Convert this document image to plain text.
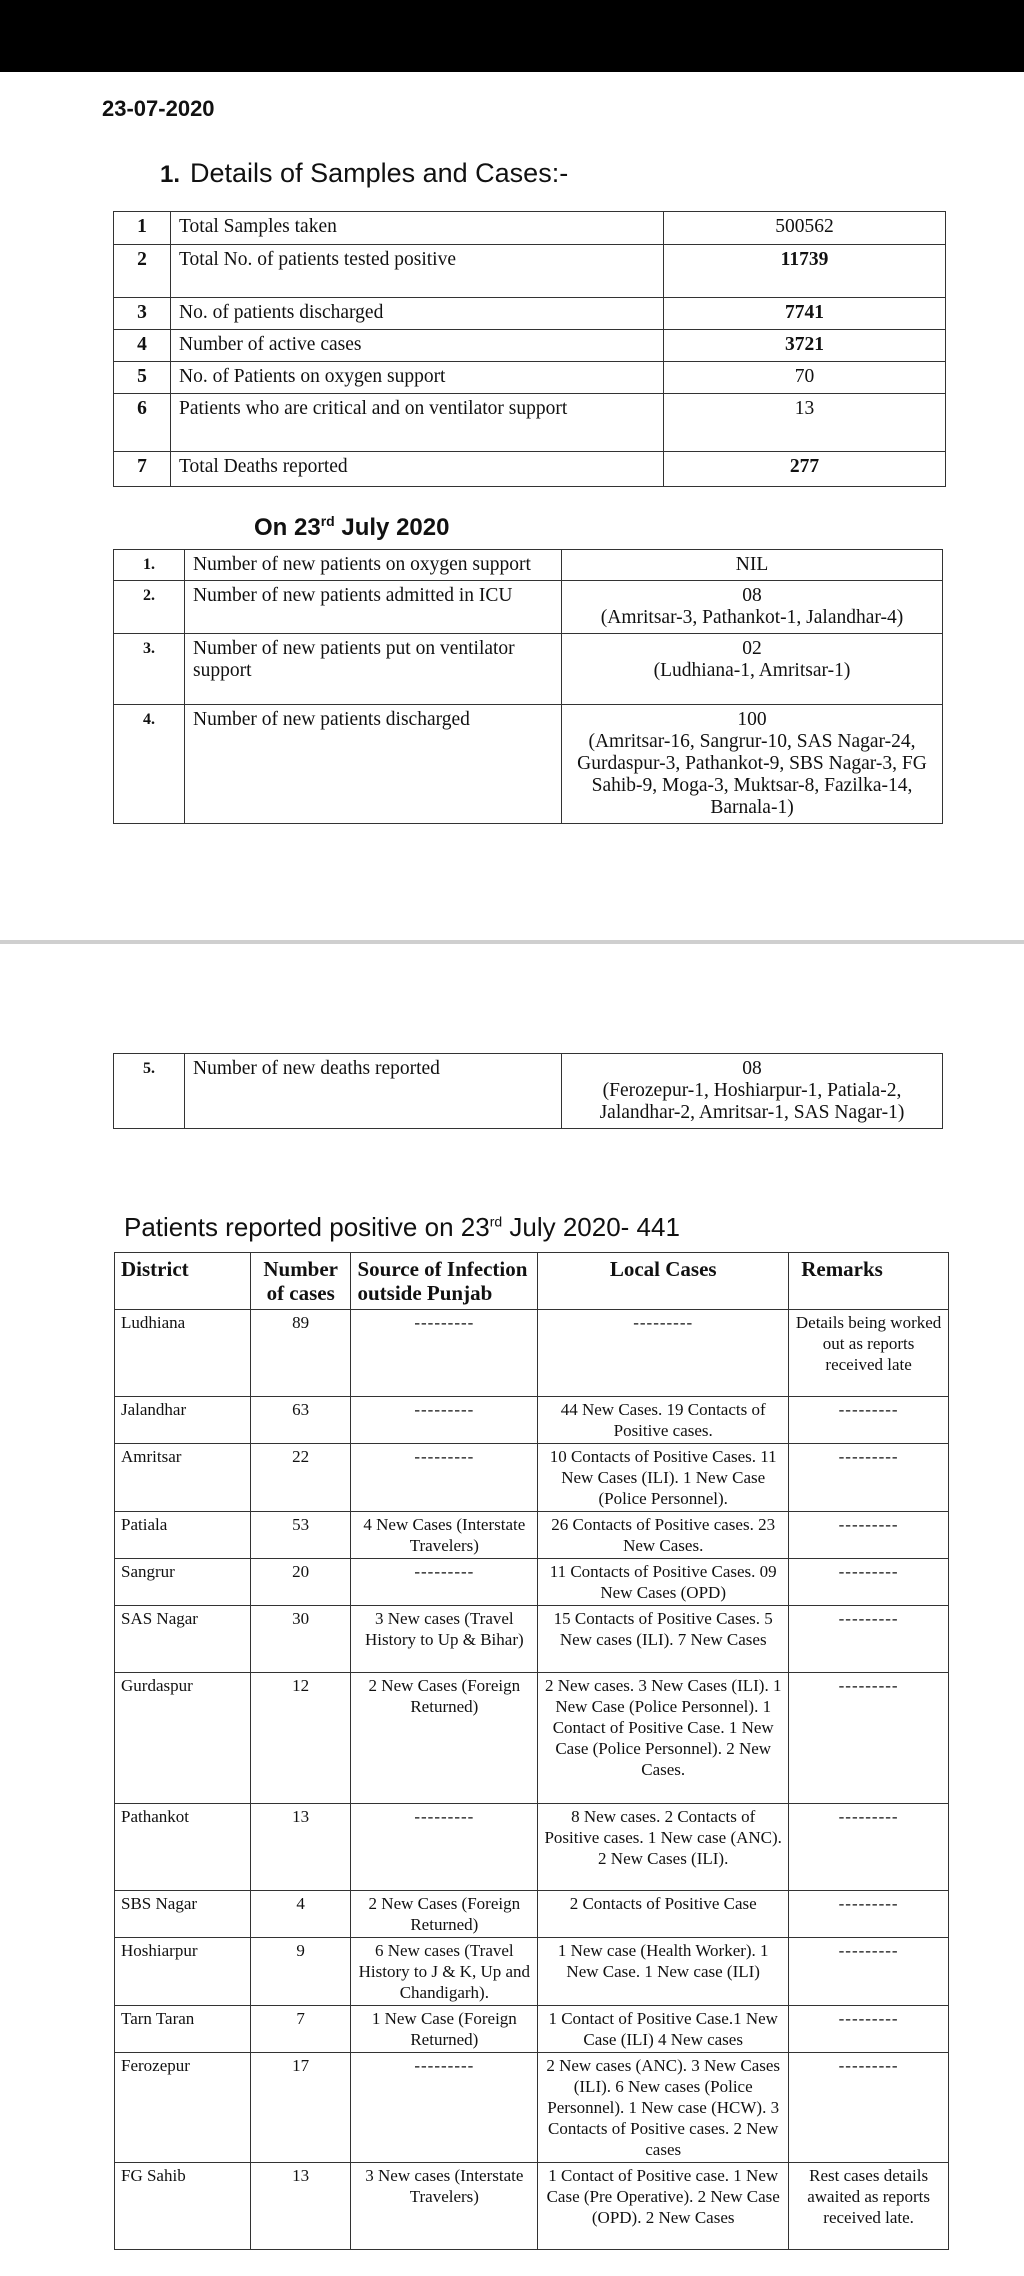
23-07-2020
1. Details of Samples and Cases:-
1	Total Samples taken	500562
2	Total No. of patients tested positive	11739
3	No. of patients discharged	7741
4	Number of active cases	3721
5	No. of Patients on oxygen support	70
6	Patients who are critical and on ventilator support	13
7	Total Deaths reported	277
On 23rd July 2020
1.	Number of new patients on oxygen support	NIL

2.	Number of new patients admitted in ICU	08
(Amritsar-3, Pathankot-1, Jalandhar-4)

3.	Number of new patients put on ventilator support	02
(Ludhiana-1, Amritsar-1)

4.	Number of new patients discharged	100
(Amritsar-16, Sangrur-10, SAS Nagar-24, Gurdaspur-3, Pathankot-9, SBS Nagar-3, FG Sahib-9, Moga-3, Muktsar-8, Fazilka-14, Barnala-1)
5.	Number of new deaths reported	08
(Ferozepur-1, Hoshiarpur-1, Patiala-2, Jalandhar-2, Amritsar-1, SAS Nagar-1)
Patients reported positive on 23rd July 2020- 441
District	Number of cases	Source of Infection outside Punjab	Local Cases	Remarks
Ludhiana	89	---------	---------	Details being worked out as reports received late
Jalandhar	63	---------	44 New Cases. 19 Contacts of Positive cases.	---------
Amritsar	22	---------	10 Contacts of Positive Cases. 11 New Cases (ILI). 1 New Case (Police Personnel).	---------
Patiala	53	4 New Cases (Interstate Travelers)	26 Contacts of Positive cases. 23 New Cases.	---------
Sangrur	20	---------	11 Contacts of Positive Cases. 09 New Cases (OPD)	---------
SAS Nagar	30	3 New cases (Travel History to Up & Bihar)	15 Contacts of Positive Cases. 5 New cases (ILI). 7 New Cases	---------
Gurdaspur	12	2 New Cases (Foreign Returned)	2 New cases. 3 New Cases (ILI). 1 New Case (Police Personnel). 1 Contact of Positive Case. 1 New Case (Police Personnel). 2 New Cases.	---------
Pathankot	13	---------	8 New cases. 2 Contacts of Positive cases. 1 New case (ANC). 2 New Cases (ILI).	---------
SBS Nagar	4	2 New Cases (Foreign Returned)	2 Contacts of Positive Case	---------
Hoshiarpur	9	6 New cases (Travel History to J & K, Up and Chandigarh).	1 New case (Health Worker). 1 New Case. 1 New case (ILI)	---------
Tarn Taran	7	1 New Case (Foreign Returned)	1 Contact of Positive Case.1 New Case (ILI) 4 New cases	---------
Ferozepur	17	---------	2 New cases (ANC). 3 New Cases (ILI). 6 New cases (Police Personnel). 1 New case (HCW). 3 Contacts of Positive cases. 2 New cases	---------
FG Sahib	13	3 New cases (Interstate Travelers)	1 Contact of Positive case. 1 New Case (Pre Operative). 2 New Case (OPD). 2 New Cases	Rest cases details awaited as reports received late.
